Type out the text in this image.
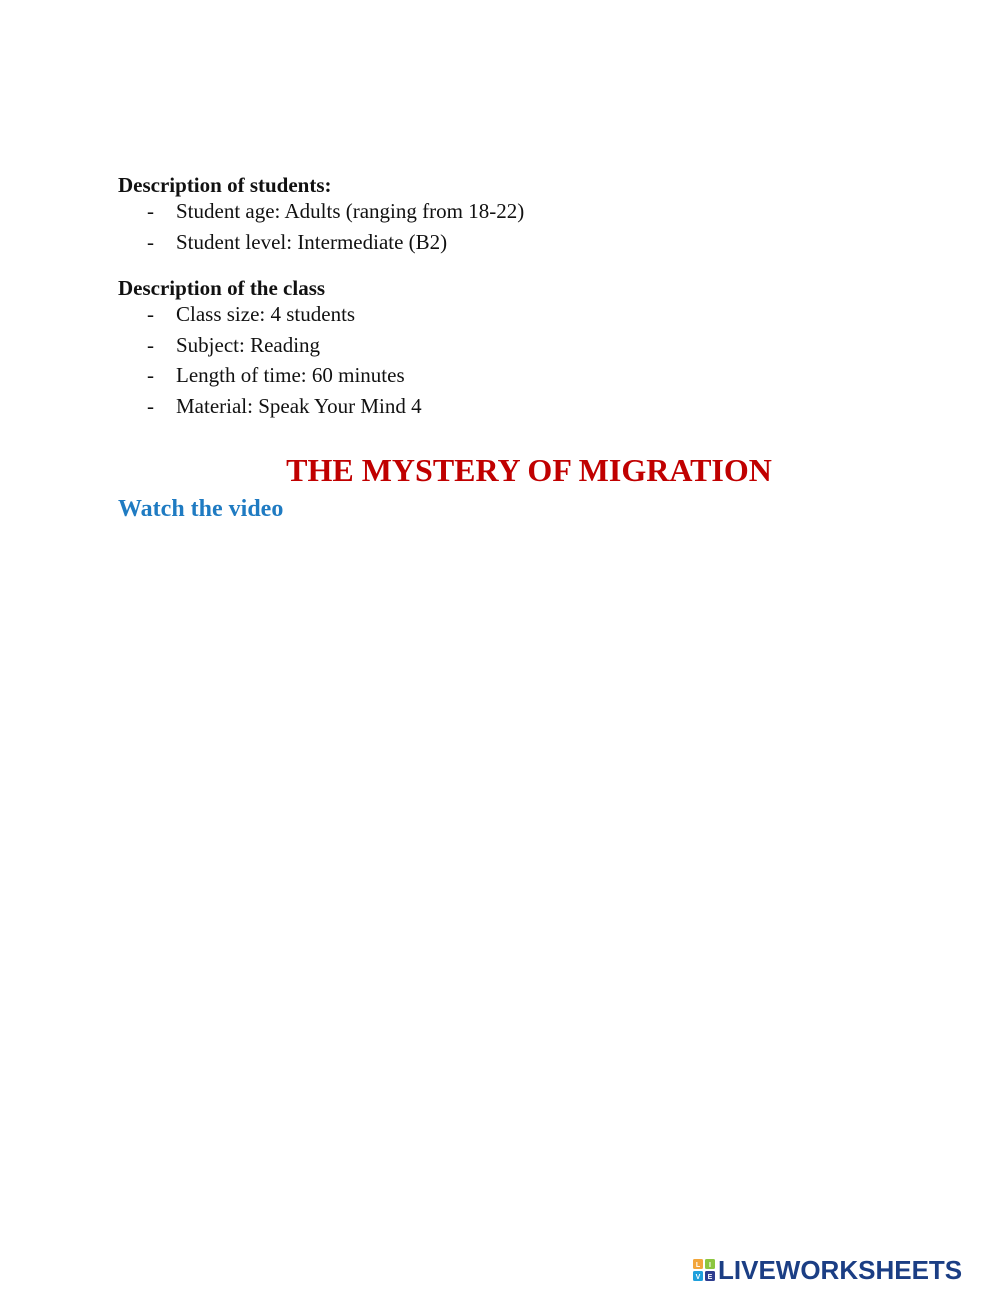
Description of students:
- Student age: Adults (ranging from 18-22)
- Student level: Intermediate (B2)
Description of the class
- Class size: 4 students
- Subject: Reading
- Length of time: 60 minutes
- Material: Speak Your Mind 4
THE MYSTERY OF MIGRATION
Watch the video
L I
V E LIVEWORKSHEETS
